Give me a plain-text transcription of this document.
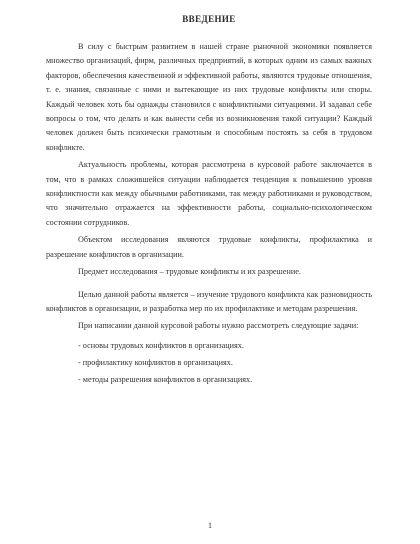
ВВЕДЕНИЕ

В силу с быстрым развитием в нашей стране рыночной экономики появляется множество организаций, фирм, различных предприятий, в которых одним из самых важных факторов, обеспечения качественной и эффективной работы, являются трудовые отношения, т. е. знания, связанные с ними и вытекающие из них трудовые конфликты или споры. Каждый человек хоть бы однажды становился с конфликтными ситуациями. И задавал себе вопросы о том, что делать и как вынести себя из возникновения такой ситуации? Каждый человек должен быть психически грамотным и способным постоять за себя в трудовом конфликте.

Актуальность проблемы, которая рассмотрена в курсовой работе заключается в том, что в рамках сложившейся ситуации наблюдается тенденция к повышению уровня конфликтности как между обычными работниками, так между работниками и руководством, что значительно отражается на эффективности работы, социально-психологическом состоянии сотрудников.

Объектом исследования являются трудовые конфликты, профилактика и разрешение конфликтов в организации.

Предмет исследования – трудовые конфликты и их разрешение.

Целью данной работы является – изучение трудового конфликта как разновидность конфликтов в организации, и разработка мер по их профилактике и методам разрешения.

При написании данной курсовой работы нужно рассмотреть следующие задачи:

- основы трудовых конфликтов в организациях.
- профилактику конфликтов в организациях.
- методы разрешения конфликтов в организациях.
1
